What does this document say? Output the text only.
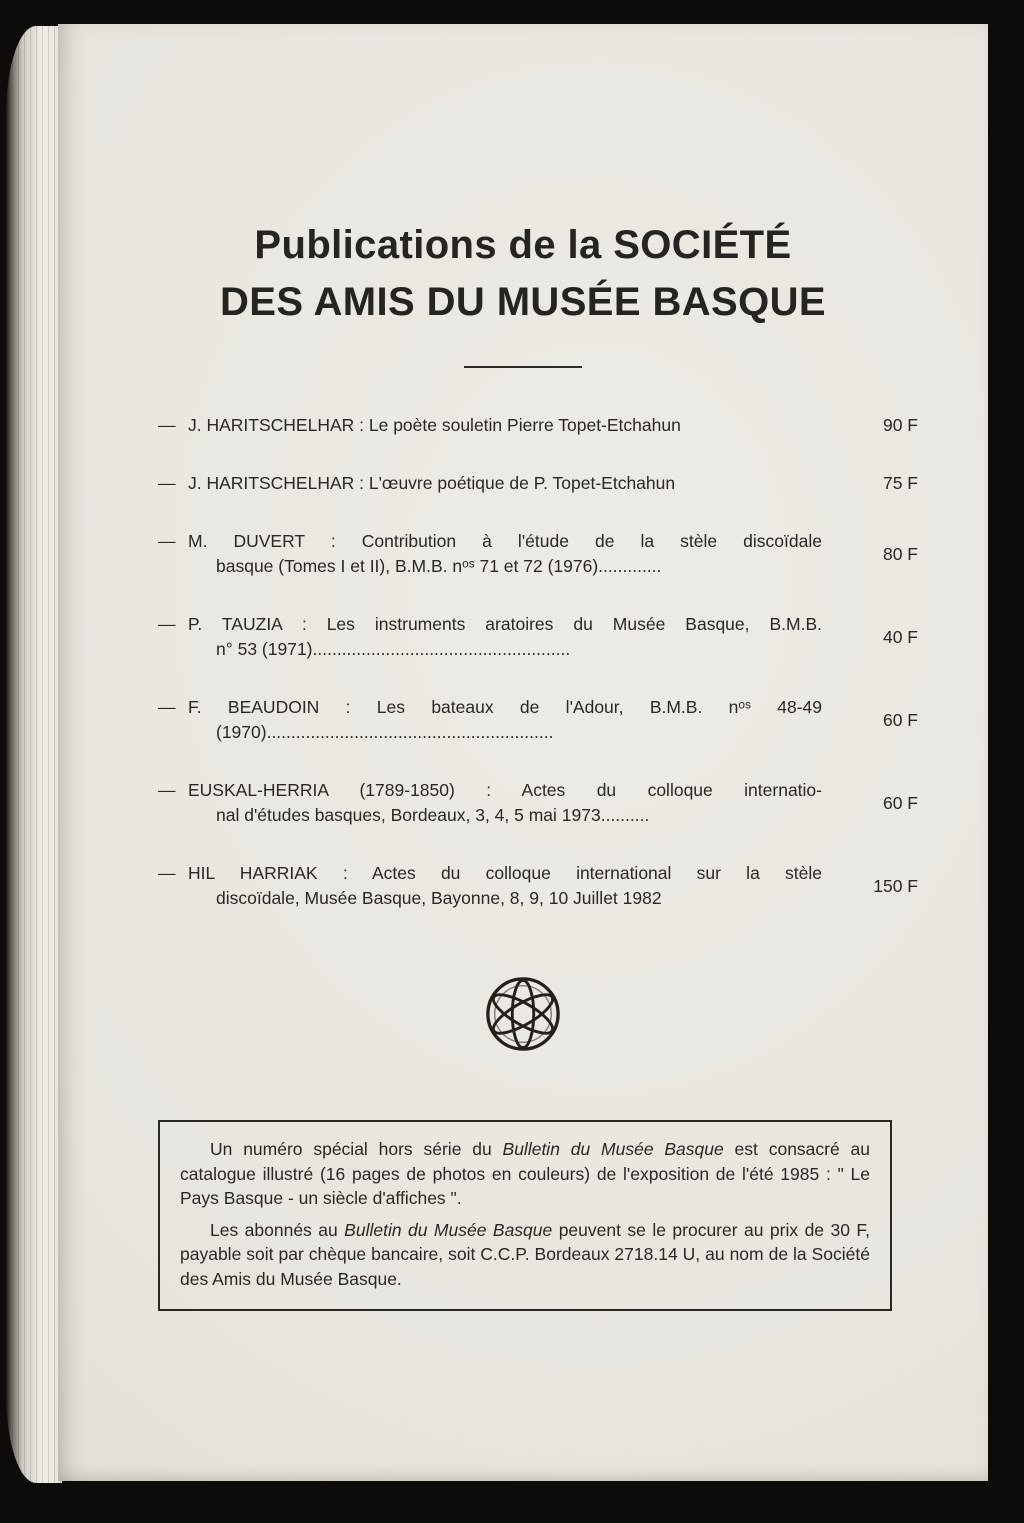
Publications de la SOCIÉTÉ
DES AMIS DU MUSÉE BASQUE
— J. HARITSCHELHAR : Le poète souletin Pierre Topet-Etchahun	90 F
— J. HARITSCHELHAR : L'œuvre poétique de P. Topet-Etchahun	75 F
— M. DUVERT : Contribution à l'étude de la stèle discoïdale
basque (Tomes I et II), B.M.B. nᵒˢ 71 et 72 (1976).............
80 F
— P. TAUZIA : Les instruments aratoires du Musée Basque, B.M.B.
n° 53 (1971).....................................................
40 F
— F. BEAUDOIN : Les bateaux de l'Adour, B.M.B. nᵒˢ 48-49
(1970)...........................................................
60 F
— EUSKAL-HERRIA (1789-1850) : Actes du colloque internatio-
nal d'études basques, Bordeaux, 3, 4, 5 mai 1973..........
60 F
— HIL HARRIAK : Actes du colloque international sur la stèle
discoïdale, Musée Basque, Bayonne, 8, 9, 10 Juillet 1982
150 F

Un numéro spécial hors série du Bulletin du Musée Basque est consacré au catalogue illustré (16 pages de photos en couleurs) de l'exposition de l'été 1985 : " Le Pays Basque - un siècle d'affiches ".

Les abonnés au Bulletin du Musée Basque peuvent se le procurer au prix de 30 F, payable soit par chèque bancaire, soit C.C.P. Bordeaux 2718.14 U, au nom de la Société des Amis du Musée Basque.
